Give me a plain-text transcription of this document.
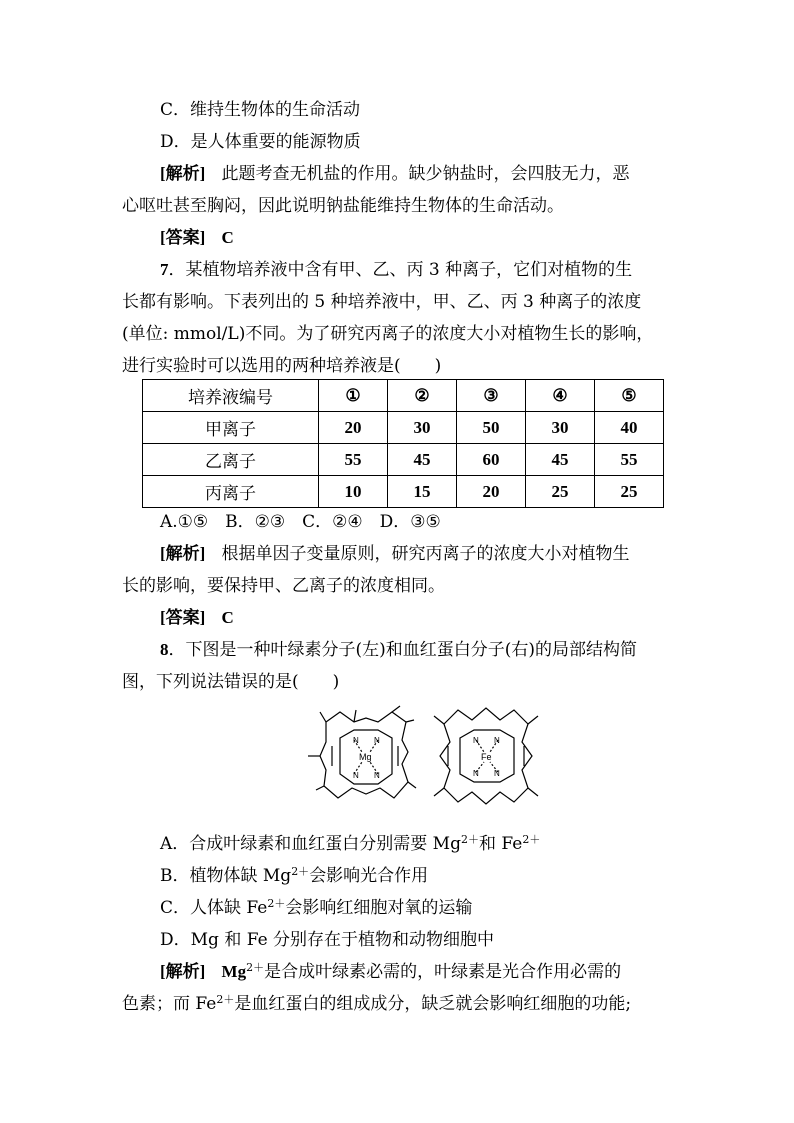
C．维持生物体的生命活动
D．是人体重要的能源物质
[解析] 此题考查无机盐的作用。缺少钠盐时，会四肢无力，恶
心呕吐甚至胸闷，因此说明钠盐能维持生物体的生命活动。
[答案] C
7．某植物培养液中含有甲、乙、丙 3 种离子，它们对植物的生
长都有影响。下表列出的 5 种培养液中，甲、乙、丙 3 种离子的浓度
(单位: mmol/L)不同。为了研究丙离子的浓度大小对植物生长的影响，
进行实验时可以选用的两种培养液是(　　)
培养液编号	①	②	③	④	⑤
甲离子	20	30	50	30	40
乙离子	55	45	60	45	55
丙离子	10	15	20	25	25
A.①⑤　B．②③　C．②④　D．③⑤
[解析] 根据单因子变量原则，研究丙离子的浓度大小对植物生
长的影响，要保持甲、乙离子的浓度相同。
[答案] C
8．下图是一种叶绿素分子(左)和血红蛋白分子(右)的局部结构简
图，下列说法错误的是(　　)
N N
N N
Mg
N N
N N
Fe
A．合成叶绿素和血红蛋白分别需要 $Mg^{2+}$和 $Fe^{2+}$
B．植物体缺 $Mg^{2+}$会影响光合作用
C．人体缺 $Fe^{2+}$会影响红细胞对氧的运输
D．Mg 和 Fe 分别存在于植物和动物细胞中
[解析] $Mg^{2+}$是合成叶绿素必需的，叶绿素是光合作用必需的
色素；而 $Fe^{2+}$是血红蛋白的组成成分，缺乏就会影响红细胞的功能;
